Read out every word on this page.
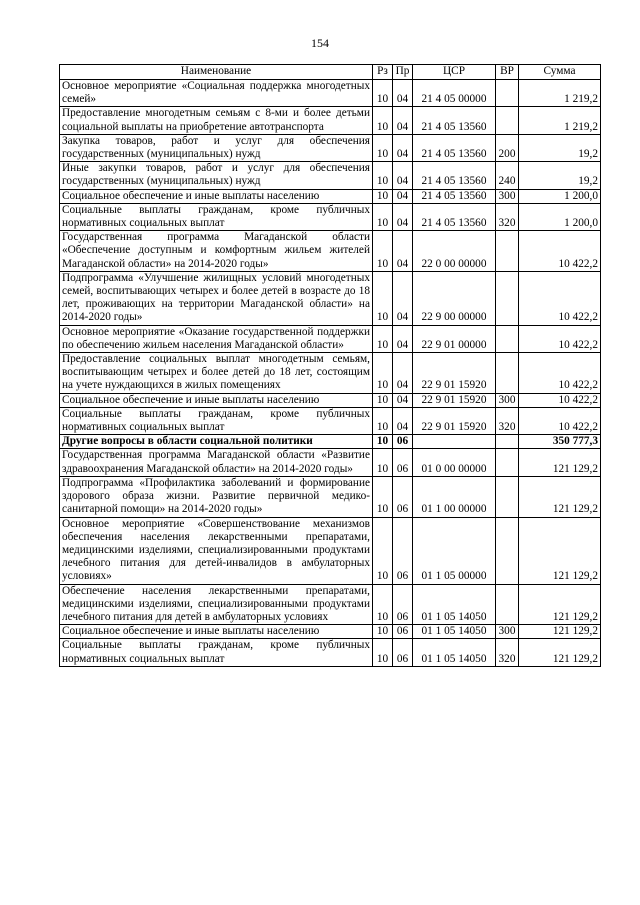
154
Наименование	Рз	Пр	ЦСР	ВР	Сумма
Основное мероприятие «Социальная поддержка многодетных семей»	10	04	21 4 05 00000		1 219,2
Предоставление многодетным семьям с 8-ми и более детьми социальной выплаты на приобретение автотранспорта	10	04	21 4 05 13560		1 219,2
Закупка товаров, работ и услуг для обеспечения государственных (муниципальных) нужд	10	04	21 4 05 13560	200	19,2
Иные закупки товаров, работ и услуг для обеспечения государственных (муниципальных) нужд	10	04	21 4 05 13560	240	19,2
Социальное обеспечение и иные выплаты населению	10	04	21 4 05 13560	300	1 200,0
Социальные выплаты гражданам, кроме публичных нормативных социальных выплат	10	04	21 4 05 13560	320	1 200,0
Государственная программа Магаданской области «Обеспечение доступным и комфортным жильем жителей Магаданской области» на 2014-2020 годы»	10	04	22 0 00 00000		10 422,2
Подпрограмма «Улучшение жилищных условий многодетных семей, воспитывающих четырех и более детей в возрасте до 18 лет, проживающих на территории Магаданской области» на 2014-2020 годы»	10	04	22 9 00 00000		10 422,2
Основное мероприятие «Оказание государственной поддержки по обеспечению жильем населения Магаданской области»	10	04	22 9 01 00000		10 422,2
Предоставление социальных выплат многодетным семьям, воспитывающим четырех и более детей до 18 лет, состоящим на учете нуждающихся в жилых помещениях	10	04	22 9 01 15920		10 422,2
Социальное обеспечение и иные выплаты населению	10	04	22 9 01 15920	300	10 422,2
Социальные выплаты гражданам, кроме публичных нормативных социальных выплат	10	04	22 9 01 15920	320	10 422,2
Другие вопросы в области социальной политики	10	06			350 777,3
Государственная программа Магаданской области «Развитие здравоохранения Магаданской области» на 2014-2020 годы»	10	06	01 0 00 00000		121 129,2
Подпрограмма «Профилактика заболеваний и формирование здорового образа жизни. Развитие первичной медико-санитарной помощи» на 2014-2020 годы»	10	06	01 1 00 00000		121 129,2
Основное мероприятие «Совершенствование механизмов обеспечения населения лекарственными препаратами, медицинскими изделиями, специализированными продуктами лечебного питания для детей-инвалидов в амбулаторных условиях»	10	06	01 1 05 00000		121 129,2
Обеспечение населения лекарственными препаратами, медицинскими изделиями, специализированными продуктами лечебного питания для детей в амбулаторных условиях	10	06	01 1 05 14050		121 129,2
Социальное обеспечение и иные выплаты населению	10	06	01 1 05 14050	300	121 129,2
Социальные выплаты гражданам, кроме публичных нормативных социальных выплат	10	06	01 1 05 14050	320	121 129,2
